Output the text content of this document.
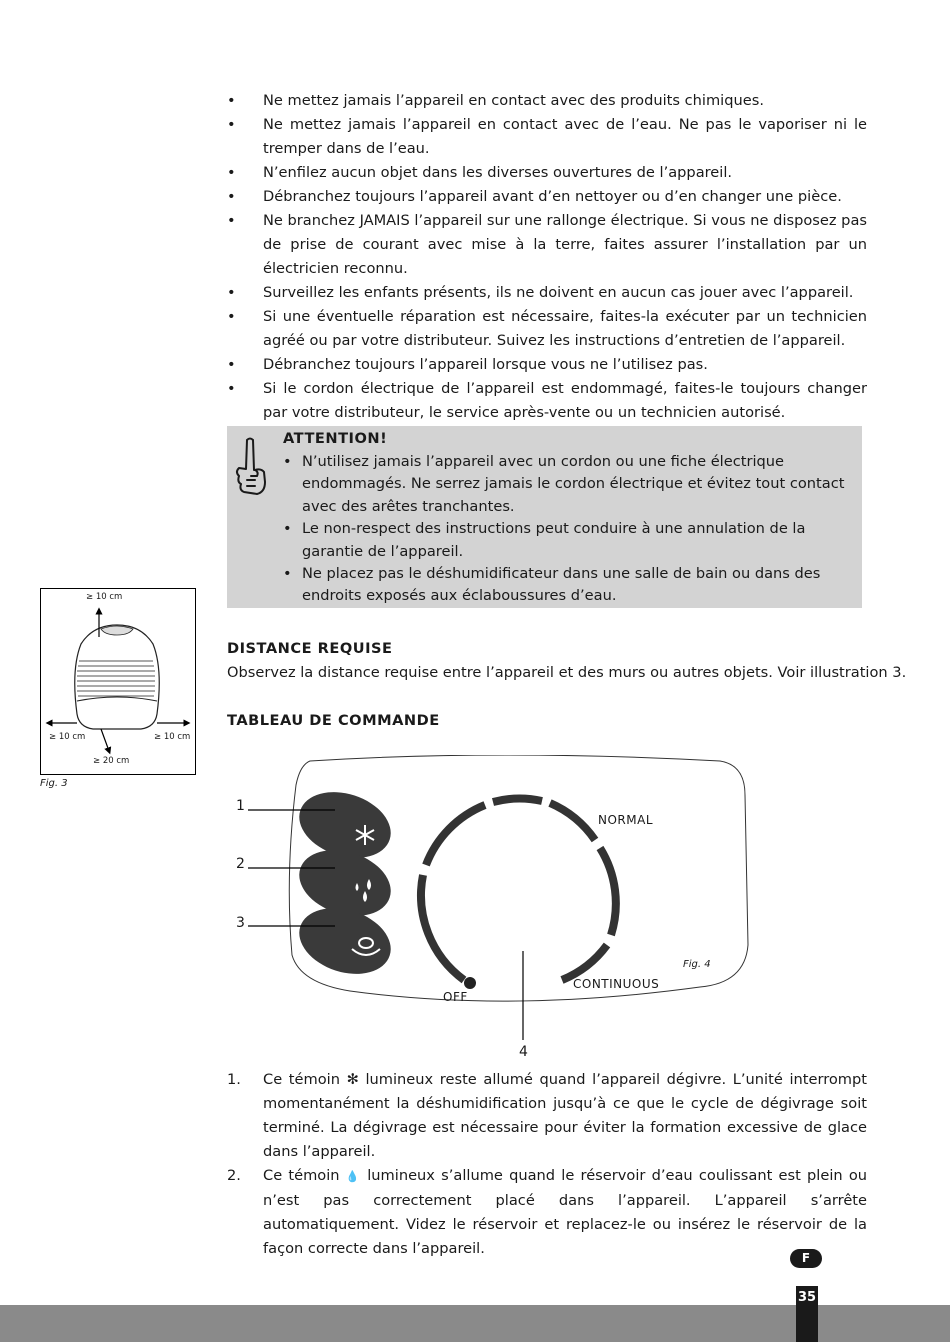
• Ne mettez jamais l’appareil en contact avec des produits chimiques.
• Ne mettez jamais l’appareil en contact avec de l’eau. Ne pas le vaporiser ni le tremper dans de l’eau.
• N’enfilez aucun objet dans les diverses ouvertures de l’appareil.
• Débranchez toujours l’appareil avant d’en nettoyer ou d’en changer une pièce.
• Ne branchez JAMAIS l’appareil sur une rallonge électrique. Si vous ne disposez pas de prise de courant avec mise à la terre, faites assurer l’installation par un électricien reconnu.
• Surveillez les enfants présents, ils ne doivent en aucun cas jouer avec l’appareil.
• Si une éventuelle réparation est nécessaire, faites-la exécuter par un technicien agréé ou par votre distributeur. Suivez les instructions d’entretien de l’appareil.
• Débranchez toujours l’appareil lorsque vous ne l’utilisez pas.
• Si le cordon électrique de l’appareil est endommagé, faites-le toujours changer par votre distributeur, le service après-vente ou un technicien autorisé.
ATTENTION!
• N’utilisez jamais l’appareil avec un cordon ou une fiche électrique endommagés. Ne serrez jamais le cordon électrique et évitez tout contact avec des arêtes tranchantes.
• Le non-respect des instructions peut conduire à une annulation de la garantie de l’appareil.
• Ne placez pas le déshumidificateur dans une salle de bain ou dans des endroits exposés aux éclaboussures d’eau.
DISTANCE REQUISE
Observez la distance requise entre l’appareil et des murs ou autres objets. Voir illustration 3.
TABLEAU DE COMMANDE
≥ 10 cm
≥ 10 cm	≥ 10 cm
≥ 20 cm
Fig. 3
1
2
3
4
NORMAL
CONTINUOUS
OFF
Fig. 4
1. Ce témoin ✻ lumineux reste allumé quand l’appareil dégivre. L’unité interrompt momentanément la déshumidification jusqu’à ce que le cycle de dégivrage soit terminé. La dégivrage est nécessaire pour éviter la formation excessive de glace dans l’appareil.
2. Ce témoin 💧 lumineux s’allume quand le réservoir d’eau coulissant est plein ou n’est pas correctement placé dans l’appareil. L’appareil s’arrête automatiquement. Videz le réservoir et replacez-le ou insérez le réservoir de la façon correcte dans l’appareil.
F
35
